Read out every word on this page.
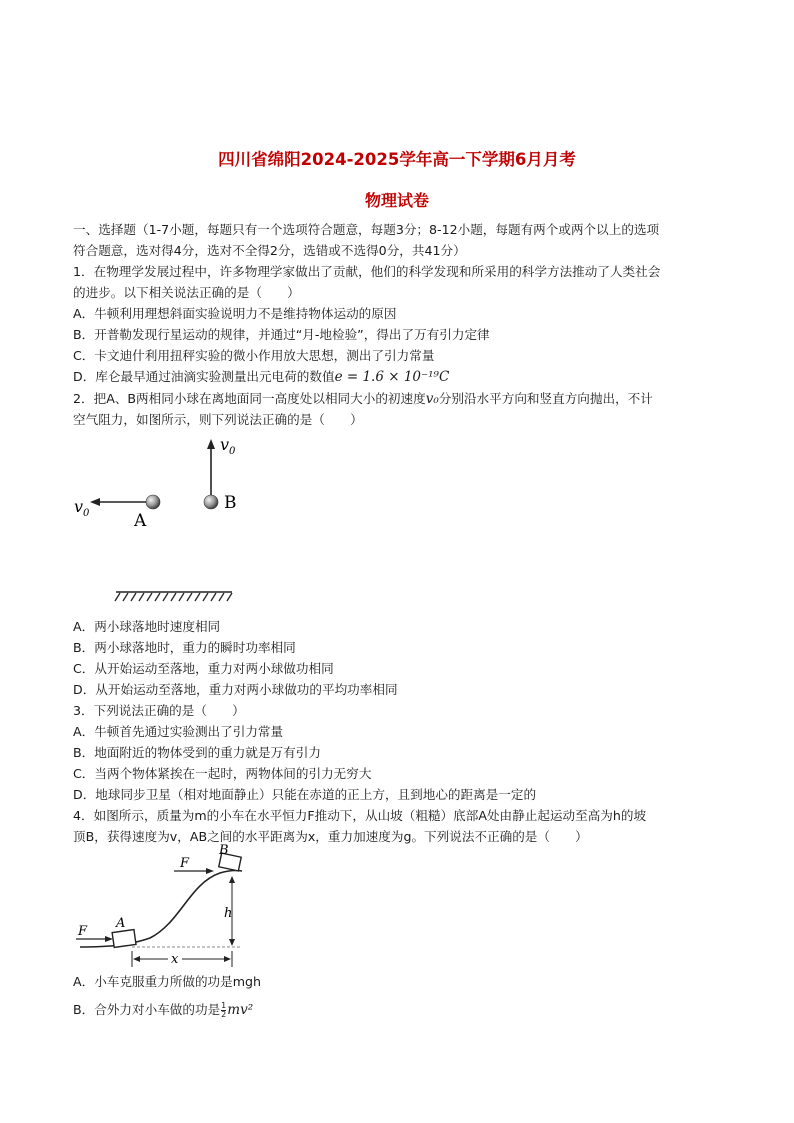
四川省绵阳2024-2025学年高一下学期6月月考
物理试卷
一、选择题（1-7小题，每题只有一个选项符合题意，每题3分；8-12小题，每题有两个或两个以上的选项
符合题意，选对得4分，选对不全得2分，选错或不选得0分，共41分）
1．在物理学发展过程中，许多物理学家做出了贡献，他们的科学发现和所采用的科学方法推动了人类社会
的进步。以下相关说法正确的是（　　）
A．牛顿利用理想斜面实验说明力不是维持物体运动的原因
B．开普勒发现行星运动的规律，并通过“月-地检验”，得出了万有引力定律
C．卡文迪什利用扭秤实验的微小作用放大思想，测出了引力常量
D．库仑最早通过油滴实验测量出元电荷的数值e = 1.6 × 10⁻¹⁹C
2．把A、B两相同小球在离地面同一高度处以相同大小的初速度v₀分别沿水平方向和竖直方向抛出，不计
空气阻力，如图所示，则下列说法正确的是（　　）
$v_0$	A
$v_0$
B
A．两小球落地时速度相同
B．两小球落地时，重力的瞬时功率相同
C．从开始运动至落地，重力对两小球做功相同
D．从开始运动至落地，重力对两小球做功的平均功率相同
3．下列说法正确的是（　　）
A．牛顿首先通过实验测出了引力常量
B．地面附近的物体受到的重力就是万有引力
C．当两个物体紧挨在一起时，两物体间的引力无穷大
D．地球同步卫星（相对地面静止）只能在赤道的正上方，且到地心的距离是一定的
4．如图所示，质量为m的小车在水平恒力F推动下，从山坡（粗糙）底部A处由静止起运动至高为h的坡
顶B，获得速度为v，AB之间的水平距离为x，重力加速度为g。下列说法不正确的是（　　）
A
F
B
F
h
x
A．小车克服重力所做的功是mgh
B．合外力对小车做的功是 $\frac{1}{2} mv^2$
